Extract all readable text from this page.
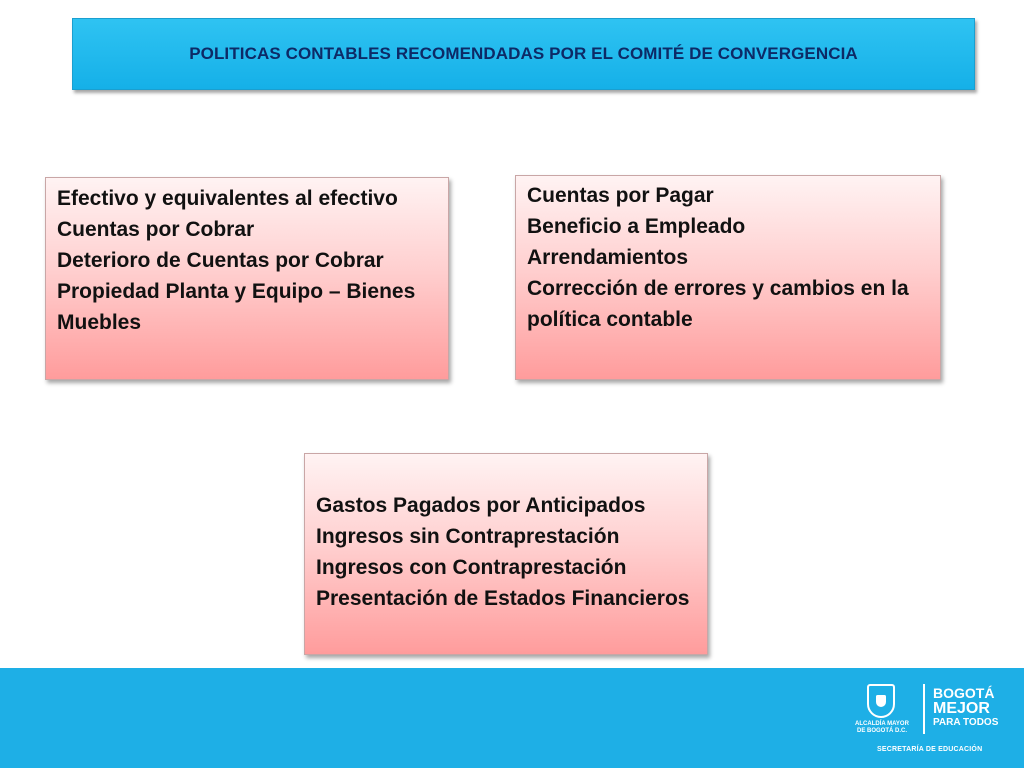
POLITICAS CONTABLES RECOMENDADAS POR EL COMITÉ DE CONVERGENCIA
Efectivo y equivalentes al efectivo
Cuentas por Cobrar
Deterioro de Cuentas por Cobrar
Propiedad Planta y Equipo – Bienes Muebles
Cuentas por Pagar
Beneficio a Empleado
Arrendamientos
Corrección de errores y cambios en la política contable
Gastos Pagados por Anticipados
Ingresos sin Contraprestación
Ingresos con Contraprestación
Presentación de Estados Financieros
ALCALDÍA MAYOR DE BOGOTÁ D.C.
BOGOTÁ
MEJOR
PARA TODOS
SECRETARÍA DE EDUCACIÓN
